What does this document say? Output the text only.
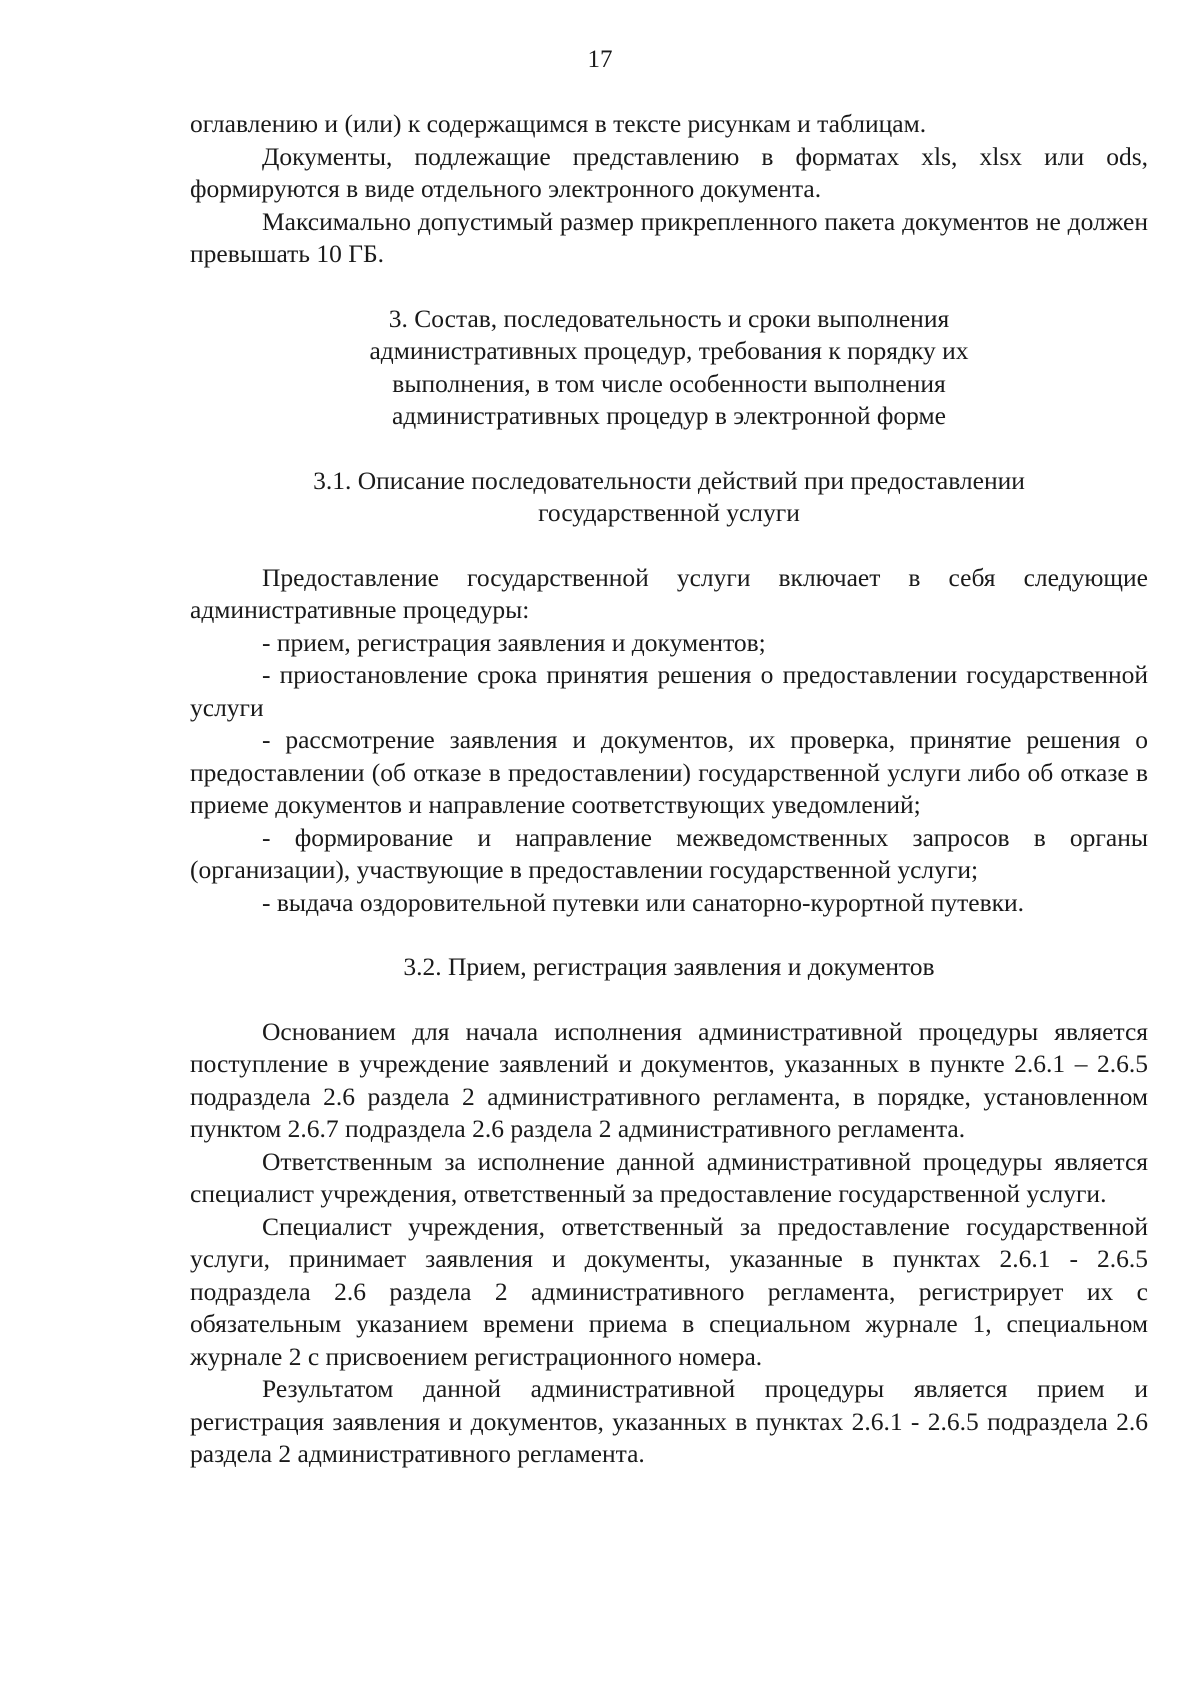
17

оглавлению и (или) к содержащимся в тексте рисункам и таблицам.

Документы, подлежащие представлению в форматах xls, xlsx или ods, формируются в виде отдельного электронного документа.

Максимально допустимый размер прикрепленного пакета документов не должен превышать 10 ГБ.

3. Состав, последовательность и сроки выполнения

административных процедур, требования к порядку их

выполнения, в том числе особенности выполнения

административных процедур в электронной форме

3.1. Описание последовательности действий при предоставлении

государственной услуги

Предоставление государственной услуги включает в себя следующие административные процедуры:

- прием, регистрация заявления и документов;

- приостановление срока принятия решения о предоставлении государственной услуги

- рассмотрение заявления и документов, их проверка, принятие решения о предоставлении (об отказе в предоставлении) государственной услуги либо об отказе в приеме документов и направление соответствующих уведомлений;

- формирование и направление межведомственных запросов в органы (организации), участвующие в предоставлении государственной услуги;

- выдача оздоровительной путевки или санаторно-курортной путевки.

3.2. Прием, регистрация заявления и документов

Основанием для начала исполнения административной процедуры является поступление в учреждение заявлений и документов, указанных в пункте 2.6.1 – 2.6.5 подраздела 2.6 раздела 2 административного регламента, в порядке, установленном пунктом 2.6.7 подраздела 2.6 раздела 2 административного регламента.

Ответственным за исполнение данной административной процедуры является специалист учреждения, ответственный за предоставление государственной услуги.

Специалист учреждения, ответственный за предоставление государственной услуги, принимает заявления и документы, указанные в пунктах 2.6.1 - 2.6.5 подраздела 2.6 раздела 2 административного регламента, регистрирует их с обязательным указанием времени приема в специальном журнале 1, специальном журнале 2 с присвоением регистрационного номера.

Результатом данной административной процедуры является прием и регистрация заявления и документов, указанных в пунктах 2.6.1 - 2.6.5 подраздела 2.6 раздела 2 административного регламента.
